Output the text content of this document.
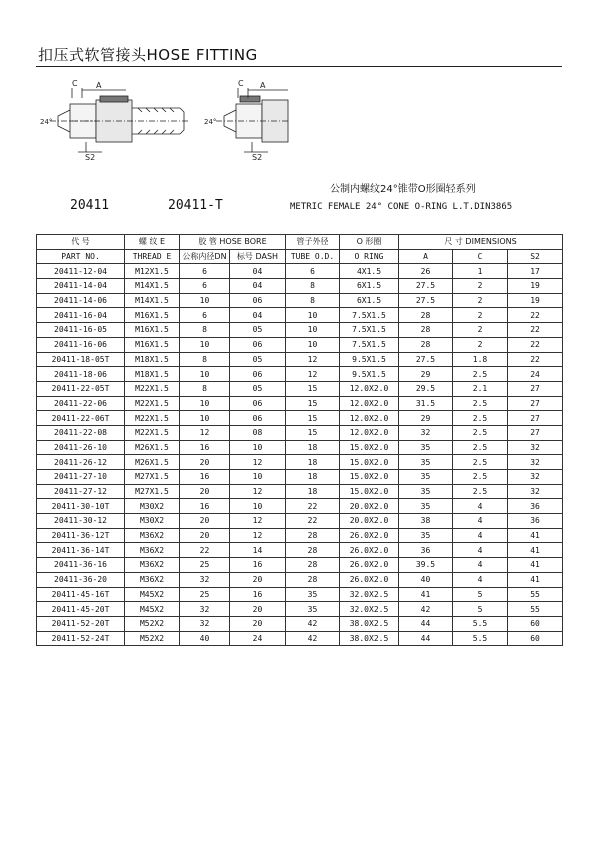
扣压式软管接头HOSE FITTING
C A
24°
S2
C A
24°
S2
公制内螺纹24°锥带O形圈轻系列
20411	20411-T	METRIC FEMALE 24° CONE O-RING L.T.DIN3865
代 号	螺 纹 E	胶 管 HOSE BORE		管子外径	O 形圈	尺 寸 DIMENSIONS		
PART NO.	THREAD E	公称内径DN	标号 DASH	TUBE O.D.	O RING	A	C	S2
20411-12-04	M12X1.5	6	04	6	4X1.5	26	1	17
20411-14-04	M14X1.5	6	04	8	6X1.5	27.5	2	19
20411-14-06	M14X1.5	10	06	8	6X1.5	27.5	2	19
20411-16-04	M16X1.5	6	04	10	7.5X1.5	28	2	22
20411-16-05	M16X1.5	8	05	10	7.5X1.5	28	2	22
20411-16-06	M16X1.5	10	06	10	7.5X1.5	28	2	22
20411-18-05T	M18X1.5	8	05	12	9.5X1.5	27.5	1.8	22
20411-18-06	M18X1.5	10	06	12	9.5X1.5	29	2.5	24
20411-22-05T	M22X1.5	8	05	15	12.0X2.0	29.5	2.1	27
20411-22-06	M22X1.5	10	06	15	12.0X2.0	31.5	2.5	27
20411-22-06T	M22X1.5	10	06	15	12.0X2.0	29	2.5	27
20411-22-08	M22X1.5	12	08	15	12.0X2.0	32	2.5	27
20411-26-10	M26X1.5	16	10	18	15.0X2.0	35	2.5	32
20411-26-12	M26X1.5	20	12	18	15.0X2.0	35	2.5	32
20411-27-10	M27X1.5	16	10	18	15.0X2.0	35	2.5	32
20411-27-12	M27X1.5	20	12	18	15.0X2.0	35	2.5	32
20411-30-10T	M30X2	16	10	22	20.0X2.0	35	4	36
20411-30-12	M30X2	20	12	22	20.0X2.0	38	4	36
20411-36-12T	M36X2	20	12	28	26.0X2.0	35	4	41
20411-36-14T	M36X2	22	14	28	26.0X2.0	36	4	41
20411-36-16	M36X2	25	16	28	26.0X2.0	39.5	4	41
20411-36-20	M36X2	32	20	28	26.0X2.0	40	4	41
20411-45-16T	M45X2	25	16	35	32.0X2.5	41	5	55
20411-45-20T	M45X2	32	20	35	32.0X2.5	42	5	55
20411-52-20T	M52X2	32	20	42	38.0X2.5	44	5.5	60
20411-52-24T	M52X2	40	24	42	38.0X2.5	44	5.5	60
